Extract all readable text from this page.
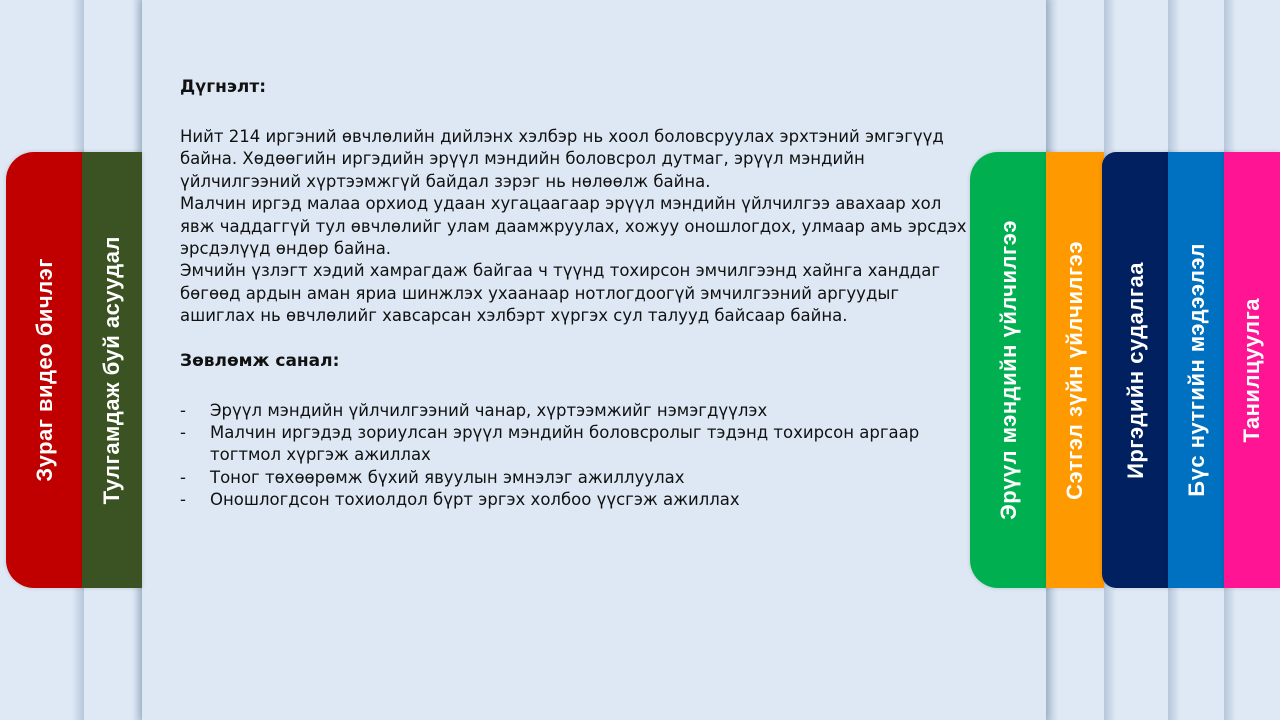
Зураг видео бичлэг Тулгамдаж буй асуудал	Эрүүл мэндийн үйлчилгээ Сэтгэл зүйн үйлчилгээ Иргэдийн судалгаа Бүс нутгийн мэдээлэл Танилцуулга

Дүгнэлт:

Нийт 214 иргэний өвчлөлийн дийлэнх хэлбэр нь хоол боловсруулах эрхтэний эмгэгүүд байна. Хөдөөгийн иргэдийн эрүүл мэндийн боловсрол дутмаг, эрүүл мэндийн үйлчилгээний хүртээмжгүй байдал зэрэг нь нөлөөлж байна.

Малчин иргэд малаа орхиод удаан хугацаагаар эрүүл мэндийн үйлчилгээ авахаар хол явж чаддаггүй тул өвчлөлийг улам даамжруулах, хожуу оношлогдох, улмаар амь эрсдэх эрсдэлүүд өндөр байна.

Эмчийн үзлэгт хэдий хамрагдаж байгаа ч түүнд тохирсон эмчилгээнд хайнга ханддаг бөгөөд ардын аман яриа шинжлэх ухаанаар нотлогдоогүй эмчилгээний аргуудыг ашиглах нь өвчлөлийг хавсарсан хэлбэрт хүргэх сул талууд байсаар байна.

Зөвлөмж санал:

- Эрүүл мэндийн үйлчилгээний чанар, хүртээмжийг нэмэгдүүлэх
- Малчин иргэдэд зориулсан эрүүл мэндийн боловсролыг тэдэнд тохирсон аргаар тогтмол хүргэж ажиллах
- Тоног төхөөрөмж бүхий явуулын эмнэлэг ажиллуулах
- Оношлогдсон тохиолдол бүрт эргэх холбоо үүсгэж ажиллах
